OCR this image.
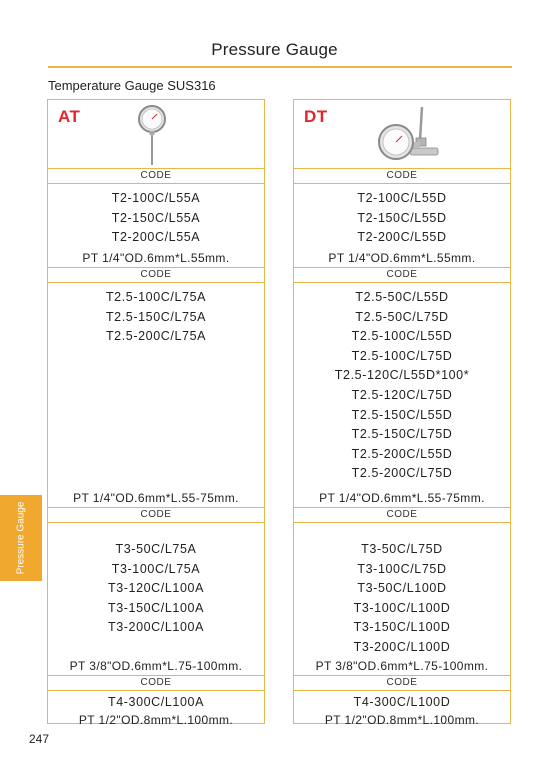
Pressure Gauge
Temperature Gauge SUS316
AT
CODE
T2-100C/L55A
T2-150C/L55A
T2-200C/L55A
PT 1/4"OD.6mm*L.55mm.
CODE
T2.5-100C/L75A
T2.5-150C/L75A
T2.5-200C/L75A
PT 1/4"OD.6mm*L.55-75mm.
CODE
T3-50C/L75A
T3-100C/L75A
T3-120C/L100A
T3-150C/L100A
T3-200C/L100A
PT 3/8"OD.6mm*L.75-100mm.
CODE
T4-300C/L100A
PT 1/2"OD.8mm*L.100mm.
DT
CODE
T2-100C/L55D
T2-150C/L55D
T2-200C/L55D
PT 1/4"OD.6mm*L.55mm.
CODE
T2.5-50C/L55D
T2.5-50C/L75D
T2.5-100C/L55D
T2.5-100C/L75D
T2.5-120C/L55D*100*
T2.5-120C/L75D
T2.5-150C/L55D
T2.5-150C/L75D
T2.5-200C/L55D
T2.5-200C/L75D
PT 1/4"OD.6mm*L.55-75mm.
CODE
T3-50C/L75D
T3-100C/L75D
T3-50C/L100D
T3-100C/L100D
T3-150C/L100D
T3-200C/L100D
PT 3/8"OD.6mm*L.75-100mm.
CODE
T4-300C/L100D
PT 1/2"OD.8mm*L.100mm.
Pressure Gauge
247
